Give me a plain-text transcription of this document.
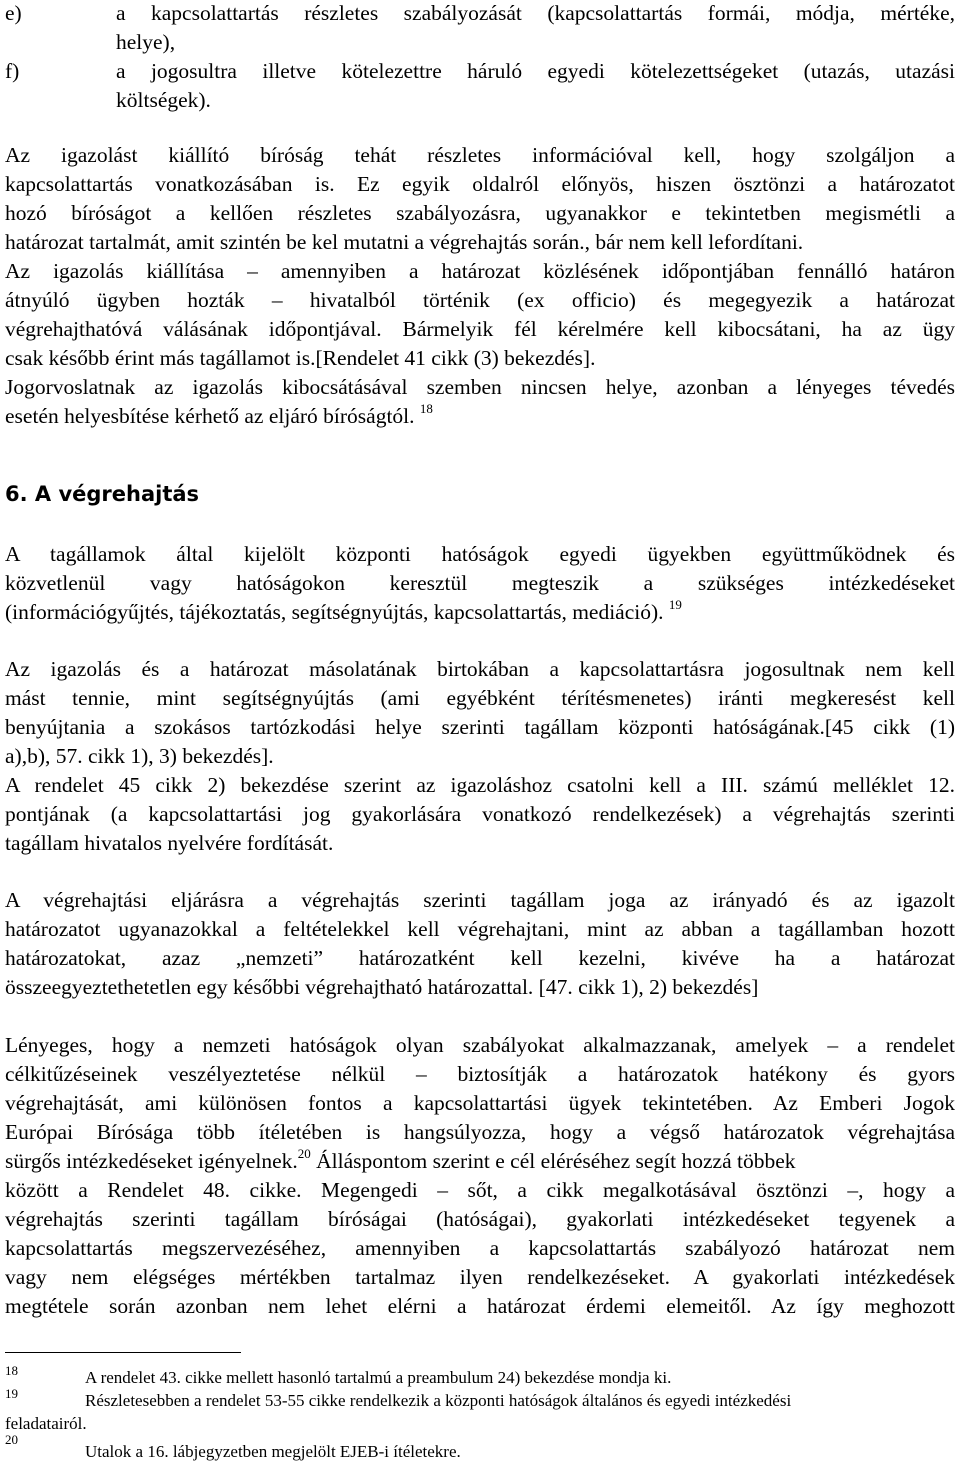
e)	a kapcsolattartás részletes szabályozását (kapcsolattartás formái, módja, mértéke,
helye),
f)	a jogosultra illetve kötelezettre háruló egyedi kötelezettségeket (utazás, utazási
költségek).
Az igazolást kiállító bíróság tehát részletes információval kell, hogy szolgáljon a
kapcsolattartás vonatkozásában is. Ez egyik oldalról előnyös, hiszen ösztönzi a határozatot
hozó bíróságot a kellően részletes szabályozásra, ugyanakkor e tekintetben megismétli a
határozat tartalmát, amit szintén be kel mutatni a végrehajtás során., bár nem kell lefordítani.
Az igazolás kiállítása – amennyiben a határozat közlésének időpontjában fennálló határon
átnyúló ügyben hozták – hivatalból történik (ex officio) és megegyezik a határozat
végrehajthatóvá válásának időpontjával. Bármelyik fél kérelmére kell kibocsátani, ha az ügy
csak később érint más tagállamot is.[Rendelet 41 cikk (3) bekezdés].
Jogorvoslatnak az igazolás kibocsátásával szemben nincsen helye, azonban a lényeges tévedés
esetén helyesbítése kérhető az eljáró bíróságtól. $^{18}$
6. A végrehajtás
A tagállamok által kijelölt központi hatóságok egyedi ügyekben együttműködnek és
közvetlenül vagy hatóságokon keresztül megteszik a szükséges intézkedéseket
(információgyűjtés, tájékoztatás, segítségnyújtás, kapcsolattartás, mediáció). $^{19}$
Az igazolás és a határozat másolatának birtokában a kapcsolattartásra jogosultnak nem kell
mást tennie, mint segítségnyújtás (ami egyébként térítésmenetes) iránti megkeresést kell
benyújtania a szokásos tartózkodási helye szerinti tagállam központi hatóságának.[45 cikk (1)
a),b), 57. cikk 1), 3) bekezdés].
A rendelet 45 cikk 2) bekezdése szerint az igazoláshoz csatolni kell a III. számú melléklet 12.
pontjának (a kapcsolattartási jog gyakorlására vonatkozó rendelkezések) a végrehajtás szerinti
tagállam hivatalos nyelvére fordítását.
A végrehajtási eljárásra a végrehajtás szerinti tagállam joga az irányadó és az igazolt
határozatot ugyanazokkal a feltételekkel kell végrehajtani, mint az abban a tagállamban hozott
határozatokat, azaz „nemzeti” határozatként kell kezelni, kivéve ha a határozat
összeegyeztethetetlen egy későbbi végrehajtható határozattal. [47. cikk 1), 2) bekezdés]
Lényeges, hogy a nemzeti hatóságok olyan szabályokat alkalmazzanak, amelyek – a rendelet
célkitűzéseinek veszélyeztetése nélkül – biztosítják a határozatok hatékony és gyors
végrehajtását, ami különösen fontos a kapcsolattartási ügyek tekintetében. Az Emberi Jogok
Európai Bírósága több ítéletében is hangsúlyozza, hogy a végső határozatok végrehajtása
sürgős intézkedéseket igényelnek.$^{20}$ Álláspontom szerint e cél eléréséhez segít hozzá többek
között a Rendelet 48. cikke. Megengedi – sőt, a cikk megalkotásával ösztönzi –, hogy a
végrehajtás szerinti tagállam bíróságai (hatóságai), gyakorlati intézkedéseket tegyenek a
kapcsolattartás megszervezéséhez, amennyiben a kapcsolattartás szabályozó határozat nem
vagy nem elégséges mértékben tartalmaz ilyen rendelkezéseket. A gyakorlati intézkedések
megtétele során azonban nem lehet elérni a határozat érdemi elemeitől. Az így meghozott
18	A rendelet 43. cikke mellett hasonló tartalmú a preambulum 24) bekezdése mondja ki.
19	Részletesebben a rendelet 53-55 cikke rendelkezik a központi hatóságok általános és egyedi intézkedési
feladatairól.
20
Utalok a 16. lábjegyzetben megjelölt EJEB-i ítéletekre.
